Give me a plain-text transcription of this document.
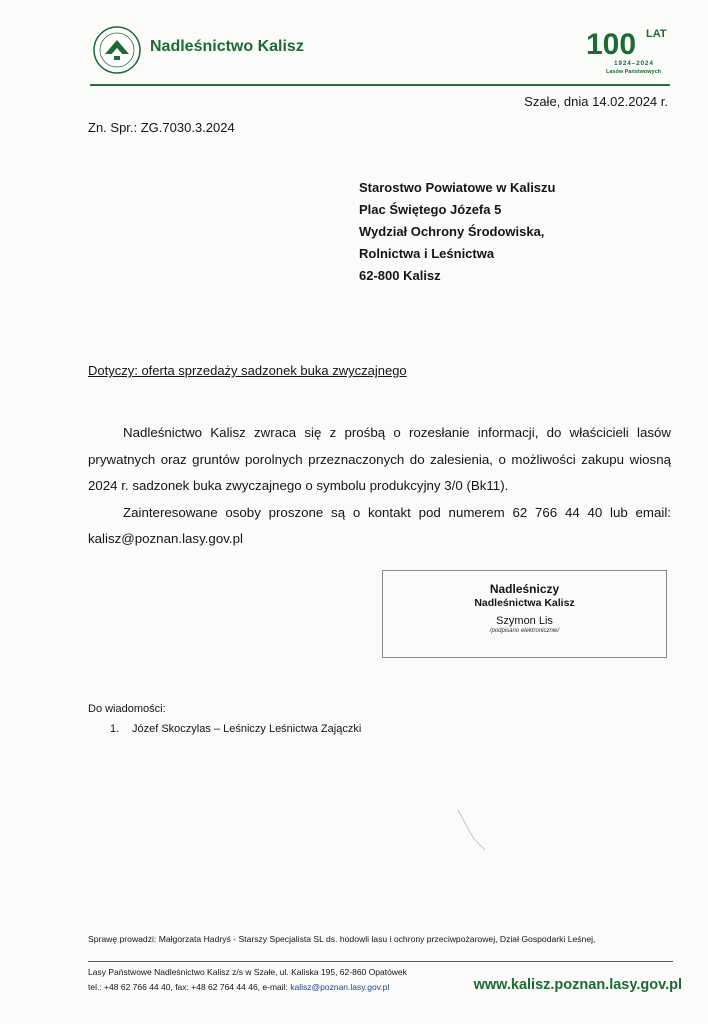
Nadleśnictwo Kalisz	100 LAT
1924–2024
Lasów Państwowych
Szałe, dnia 14.02.2024 r.
Zn. Spr.: ZG.7030.3.2024
Starostwo Powiatowe w Kaliszu
Plac Świętego Józefa 5
Wydział Ochrony Środowiska,
Rolnictwa i Leśnictwa
62-800 Kalisz
Dotyczy: oferta sprzedaży sadzonek buka zwyczajnego

Nadleśnictwo Kalisz zwraca się z prośbą o rozesłanie informacji, do właścicieli lasów prywatnych oraz gruntów porolnych przeznaczonych do zalesienia, o możliwości zakupu wiosną 2024 r. sadzonek buka zwyczajnego o symbolu produkcyjny 3/0 (Bk11).

Zainteresowane osoby proszone są o kontakt pod numerem 62 766 44 40 lub email: kalisz@poznan.lasy.gov.pl

Nadleśniczy
Nadleśnictwa Kalisz
Szymon Lis
/podpisano elektronicznie/
Do wiadomości:
1. Józef Skoczylas – Leśniczy Leśnictwa Zajączki
Sprawę prowadzi: Małgorzata Hadryś - Starszy Specjalista SL ds. hodowli lasu i ochrony przeciwpożarowej, Dział Gospodarki Leśnej,
Lasy Państwowe Nadleśnictwo Kalisz z/s w Szałe, ul. Kaliska 195, 62-860 Opatówek
tel.: +48 62 766 44 40, fax: +48 62 764 44 46, e-mail: kalisz@poznan.lasy.gov.pl	www.kalisz.poznan.lasy.gov.pl
